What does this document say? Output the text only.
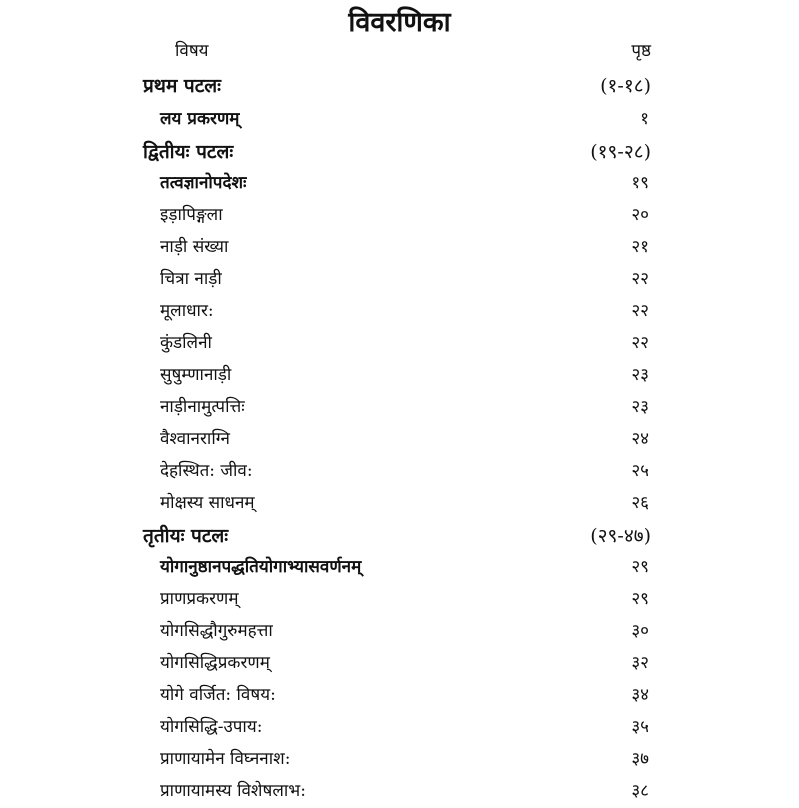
विवरणिका
विषय	पृष्ठ
प्रथम पटलः	(१-१८)
लय प्रकरणम्	१
द्वितीयः पटलः	(१९-२८)
तत्वज्ञानोपदेशः	१९
इड़ापिङ्गला	२०
नाड़ी संख्या	२१
चित्रा नाड़ी	२२
मूलाधार:	२२
कुंडलिनी	२२
सुषुम्णानाड़ी	२३
नाड़ीनामुत्पत्तिः	२३
वैश्वानराग्नि	२४
देहस्थित: जीव:	२५
मोक्षस्य साधनम्	२६
तृतीयः पटलः	(२९-४७)
योगानुष्ठानपद्धतियोगाभ्यासवर्णनम्	२९
प्राणप्रकरणम्	२९
योगसिद्धौगुरुमहत्ता	३०
योगसिद्धिप्रकरणम्	३२
योगे वर्जित: विषय:	३४
योगसिद्धि-उपाय:	३५
प्राणायामेन विघ्ननाश:	३७
प्राणायामस्य विशेषलाभ:	३८
